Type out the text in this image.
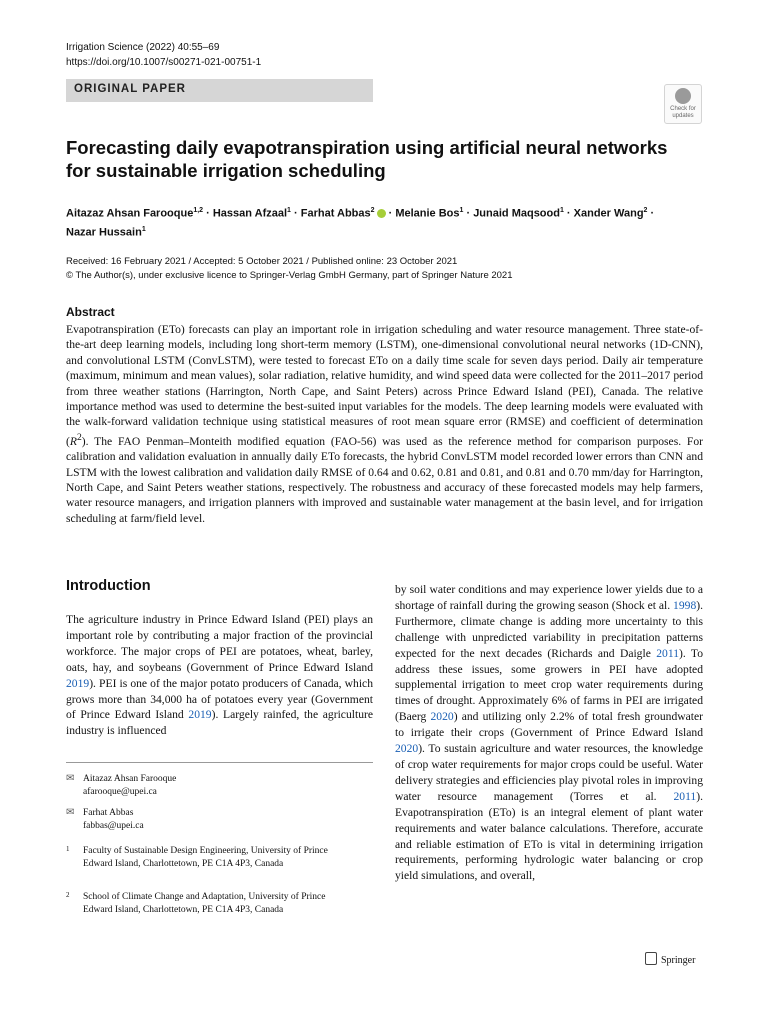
Irrigation Science (2022) 40:55–69
https://doi.org/10.1007/s00271-021-00751-1
ORIGINAL PAPER
Check for
updates
Forecasting daily evapotranspiration using artificial neural networks
for sustainable irrigation scheduling
Aitazaz Ahsan Farooque$^{1,2}$ · Hassan Afzaal$^1$ · Farhat Abbas$^2$ · Melanie Bos$^1$ · Junaid Maqsood$^1$ · Xander Wang$^2$ ·
Nazar Hussain$^1$
Received: 16 February 2021 / Accepted: 5 October 2021 / Published online: 23 October 2021
© The Author(s), under exclusive licence to Springer-Verlag GmbH Germany, part of Springer Nature 2021
Abstract
Evapotranspiration (ETo) forecasts can play an important role in irrigation scheduling and water resource management. Three state-of-the-art deep learning models, including long short-term memory (LSTM), one-dimensional convolutional neural networks (1D-CNN), and convolutional LSTM (ConvLSTM), were tested to forecast ETo on a daily time scale for seven days period. Daily air temperature (maximum, minimum and mean values), solar radiation, relative humidity, and wind speed data were collected for the 2011–2017 period from three weather stations (Harrington, North Cape, and Saint Peters) across Prince Edward Island (PEI), Canada. The relative importance method was used to determine the best-suited input variables for the models. The deep learning models were evaluated with the walk-forward validation technique using statistical measures of root mean square error (RMSE) and coefficient of determination $(R^2)$. The FAO Penman–Monteith modified equation (FAO-56) was used as the reference method for comparison purposes. For calibration and validation evaluation in annually daily ETo forecasts, the hybrid ConvLSTM model recorded lower errors than CNN and LSTM with the lowest calibration and validation daily RMSE of 0.64 and 0.62, 0.81 and 0.81, and 0.81 and 0.70 mm/day for Harrington, North Cape, and Saint Peters weather stations, respectively. The robustness and accuracy of these forecasted models may help farmers, water resource managers, and irrigation planners with improved and sustainable water management at the basin level, and for irrigation scheduling at farm/field level.
Introduction
The agriculture industry in Prince Edward Island (PEI) plays an important role by contributing a major fraction of the provincial workforce. The major crops of PEI are potatoes, wheat, barley, oats, hay, and soybeans (Government of Prince Edward Island 2019). PEI is one of the major potato producers of Canada, which grows more than 34,000 ha of potatoes every year (Government of Prince Edward Island 2019). Largely rainfed, the agriculture industry is influenced
by soil water conditions and may experience lower yields due to a shortage of rainfall during the growing season (Shock et al. 1998). Furthermore, climate change is adding more uncertainty to this challenge with unpredicted variability in precipitation patterns expected for the next decades (Richards and Daigle 2011). To address these issues, some growers in PEI have adopted supplemental irrigation to meet crop water requirements during times of drought. Approximately 6% of farms in PEI are irrigated (Baerg 2020) and utilizing only 2.2% of total fresh groundwater to irrigate their crops (Government of Prince Edward Island 2020). To sustain agriculture and water resources, the knowledge of crop water requirements for major crops could be useful. Water delivery strategies and efficiencies play pivotal roles in improving water resource management (Torres et al. 2011). Evapotranspiration (ETo) is an integral element of plant water requirements and water balance calculations. Therefore, accurate and reliable estimation of ETo is vital in determining irrigation requirements, performing hydrologic water balancing or crop yield simulations, and overall,
✉ Aitazaz Ahsan Farooque
afarooque@upei.ca
✉ Farhat Abbas
fabbas@upei.ca
1 Faculty of Sustainable Design Engineering, University of Prince Edward Island, Charlottetown, PE C1A 4P3, Canada
2 School of Climate Change and Adaptation, University of Prince Edward Island, Charlottetown, PE C1A 4P3, Canada
Springer
